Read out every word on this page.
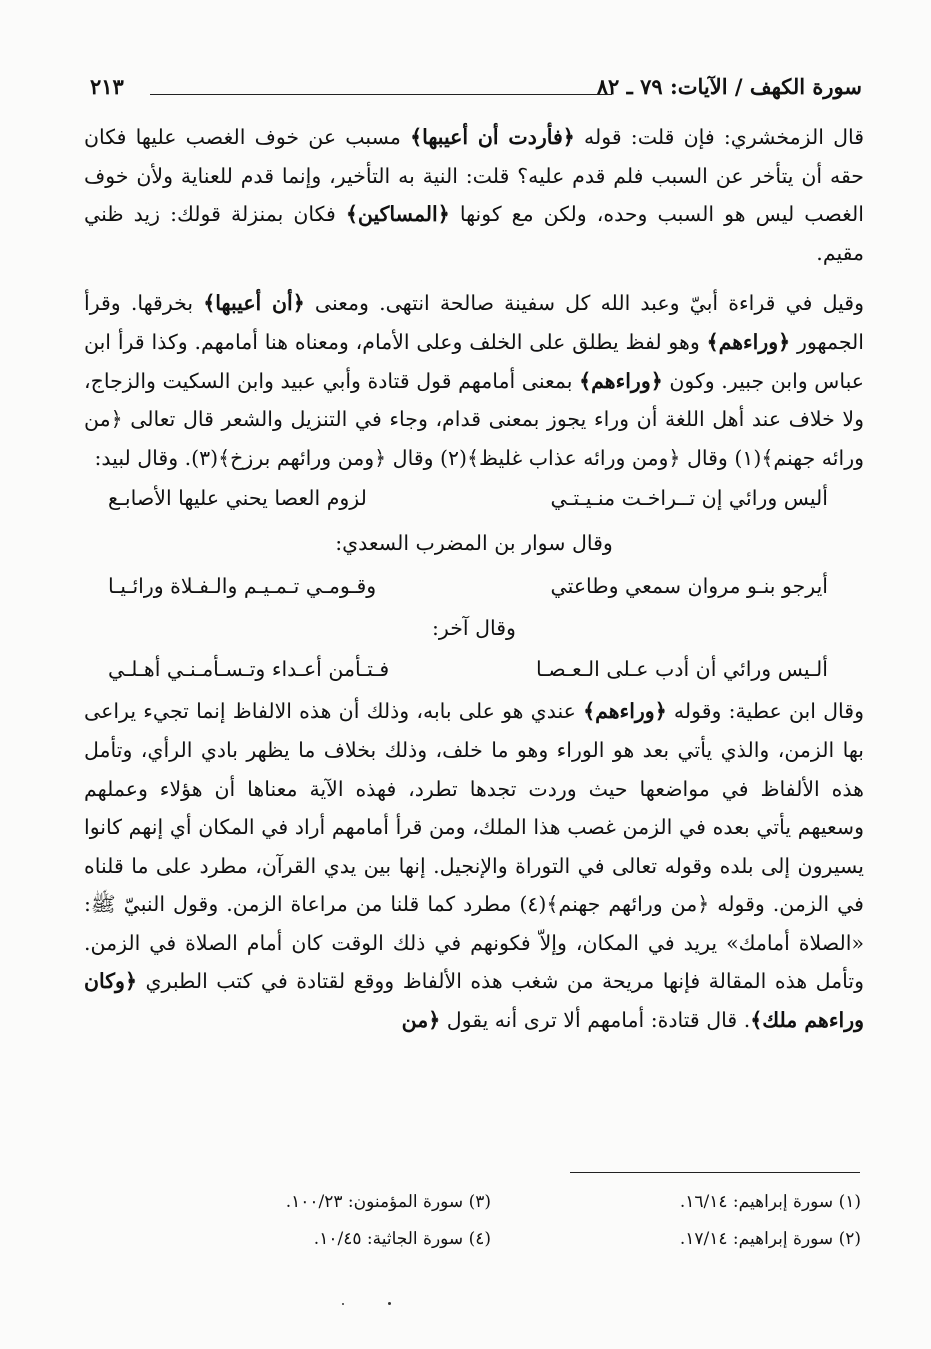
سورة الكهف / الآيات: ٧٩ ـ ٨٢
٢١٣

قال الزمخشري: فإن قلت: قوله ﴿فأردت أن أعيبها﴾ مسبب عن خوف الغصب عليها فكان حقه أن يتأخر عن السبب فلم قدم عليه؟ قلت: النية به التأخير، وإنما قدم للعناية ولأن خوف الغصب ليس هو السبب وحده، ولكن مع كونها ﴿المساكين﴾ فكان بمنزلة قولك: زيد ظني مقيم.

وقيل في قراءة أبيّ وعبد الله كل سفينة صالحة انتهى. ومعنى ﴿أن أعيبها﴾ بخرقها. وقرأ الجمهور ﴿وراءهم﴾ وهو لفظ يطلق على الخلف وعلى الأمام، ومعناه هنا أمامهم. وكذا قرأ ابن عباس وابن جبير. وكون ﴿وراءهم﴾ بمعنى أمامهم قول قتادة وأبي عبيد وابن السكيت والزجاج، ولا خلاف عند أهل اللغة أن وراء يجوز بمعنى قدام، وجاء في التنزيل والشعر قال تعالى ﴿من ورائه جهنم﴾(١) وقال ﴿ومن ورائه عذاب غليظ﴾(٢) وقال ﴿ومن ورائهم برزخ﴾(٣). وقال لبيد:

أليس ورائي إن تــراخـت منـيـتـي
لزوم العصا يحني عليها الأصابـع

وقال سوار بن المضرب السعدي:

أيرجو بنـو مروان سمعي وطاعتي
وقـومـي تـمـيـم والـفـلاة ورائـيـا

وقال آخر:

ألـيس ورائي أن أدب عـلى الـعـصـا
فـتـأمن أعـداء وتـسـأمـنـي أهـلـي

وقال ابن عطية: وقوله ﴿وراءهم﴾ عندي هو على بابه، وذلك أن هذه الالفاظ إنما تجيء يراعى بها الزمن، والذي يأتي بعد هو الوراء وهو ما خلف، وذلك بخلاف ما يظهر بادي الرأي، وتأمل هذه الألفاظ في مواضعها حيث وردت تجدها تطرد، فهذه الآية معناها أن هؤلاء وعملهم وسعيهم يأتي بعده في الزمن غصب هذا الملك، ومن قرأ أمامهم أراد في المكان أي إنهم كانوا يسيرون إلى بلده وقوله تعالى في التوراة والإنجيل. إنها بين يدي القرآن، مطرد على ما قلناه في الزمن. وقوله ﴿من ورائهم جهنم﴾(٤) مطرد كما قلنا من مراعاة الزمن. وقول النبيّ ﷺ: «الصلاة أمامك» يريد في المكان، وإلاّ فكونهم في ذلك الوقت كان أمام الصلاة في الزمن. وتأمل هذه المقالة فإنها مريحة من شغب هذه الألفاظ ووقع لقتادة في كتب الطبري ﴿وكان وراءهم ملك﴾. قال قتادة: أمامهم ألا ترى أنه يقول ﴿من

(١) سورة إبراهيم: ١٦/١٤.
(٢) سورة إبراهيم: ١٧/١٤.
(٣) سورة المؤمنون: ١٠٠/٢٣.
(٤) سورة الجاثية: ١٠/٤٥.
